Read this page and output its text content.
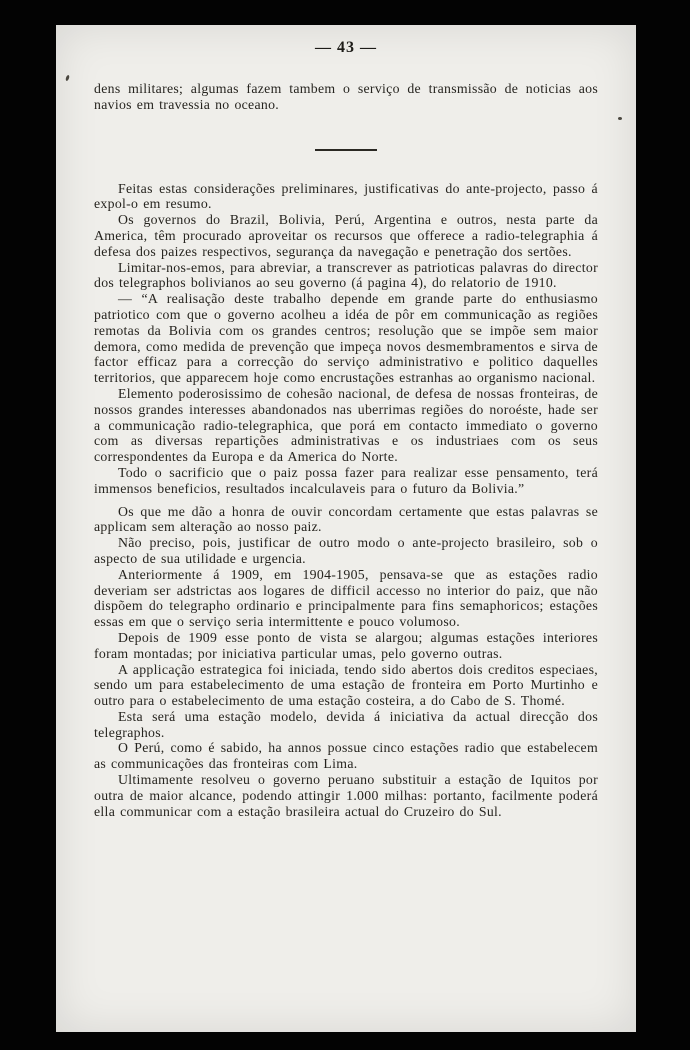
— 43 —

dens militares; algumas fazem tambem o serviço de transmissão de noticias aos navios em travessia no oceano.

Feitas estas considerações preliminares, justificativas do ante-projecto, passo á expol-o em resumo.

Os governos do Brazil, Bolivia, Perú, Argentina e outros, nesta parte da America, têm procurado aproveitar os recursos que offerece a radio-telegraphia á defesa dos paizes respectivos, segurança da navegação e penetração dos sertões.

Limitar-nos-emos, para abreviar, a transcrever as patrioticas palavras do director dos telegraphos bolivianos ao seu governo (á pagina 4), do relatorio de 1910.

— “A realisação deste trabalho depende em grande parte do enthusiasmo patriotico com que o governo acolheu a idéa de pôr em communicação as regiões remotas da Bolivia com os grandes centros; resolução que se impõe sem maior demora, como medida de prevenção que impeça novos desmembramentos e sirva de factor efficaz para a correcção do serviço administrativo e politico daquelles territorios, que apparecem hoje como encrustações estranhas ao organismo nacional.

Elemento poderosissimo de cohesão nacional, de defesa de nossas fronteiras, de nossos grandes interesses abandonados nas uberrimas regiões do noroéste, hade ser a communicação radio-telegraphica, que porá em contacto immediato o governo com as diversas repartições administrativas e os industriaes com os seus correspondentes da Europa e da America do Norte.

Todo o sacrificio que o paiz possa fazer para realizar esse pensamento, terá immensos beneficios, resultados incalculaveis para o futuro da Bolivia.”

Os que me dão a honra de ouvir concordam certamente que estas palavras se applicam sem alteração ao nosso paiz.

Não preciso, pois, justificar de outro modo o ante-projecto brasileiro, sob o aspecto de sua utilidade e urgencia.

Anteriormente á 1909, em 1904-1905, pensava-se que as estações radio deveriam ser adstrictas aos logares de difficil accesso no interior do paiz, que não dispõem do telegrapho ordinario e principalmente para fins semaphoricos; estações essas em que o serviço seria intermittente e pouco volumoso.

Depois de 1909 esse ponto de vista se alargou; algumas estações interiores foram montadas; por iniciativa particular umas, pelo governo outras.

A applicação estrategica foi iniciada, tendo sido abertos dois creditos especiaes, sendo um para estabelecimento de uma estação de fronteira em Porto Murtinho e outro para o estabelecimento de uma estação costeira, a do Cabo de S. Thomé.

Esta será uma estação modelo, devida á iniciativa da actual direcção dos telegraphos.

O Perú, como é sabido, ha annos possue cinco estações radio que estabelecem as communicações das fronteiras com Lima.

Ultimamente resolveu o governo peruano substituir a estação de Iquitos por outra de maior alcance, podendo attingir 1.000 milhas: portanto, facilmente poderá ella communicar com a estação brasileira actual do Cruzeiro do Sul.
